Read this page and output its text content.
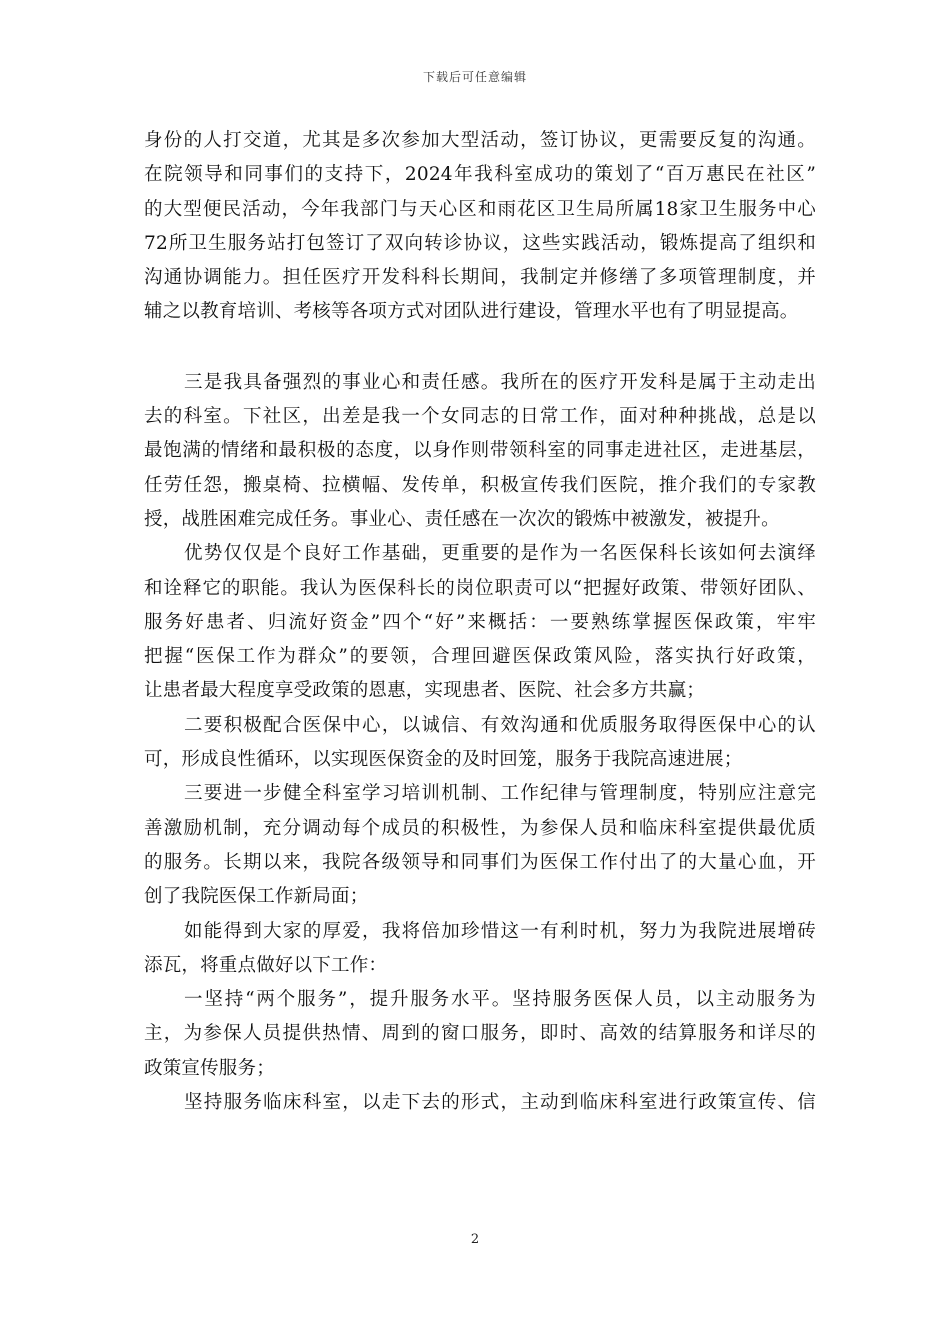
下载后可任意编辑
身份的人打交道，尤其是多次参加大型活动，签订协议，更需要反复的沟通。
在院领导和同事们的支持下，2024年我科室成功的策划了“百万惠民在社区”
的大型便民活动，今年我部门与天心区和雨花区卫生局所属18家卫生服务中心
72所卫生服务站打包签订了双向转诊协议，这些实践活动，锻炼提高了组织和
沟通协调能力。担任医疗开发科科长期间，我制定并修缮了多项管理制度，并
辅之以教育培训、考核等各项方式对团队进行建设，管理水平也有了明显提高。
三是我具备强烈的事业心和责任感。我所在的医疗开发科是属于主动走出
去的科室。下社区，出差是我一个女同志的日常工作，面对种种挑战，总是以
最饱满的情绪和最积极的态度，以身作则带领科室的同事走进社区，走进基层，
任劳任怨，搬桌椅、拉横幅、发传单，积极宣传我们医院，推介我们的专家教
授，战胜困难完成任务。事业心、责任感在一次次的锻炼中被激发，被提升。
优势仅仅是个良好工作基础，更重要的是作为一名医保科长该如何去演绎
和诠释它的职能。我认为医保科长的岗位职责可以“把握好政策、带领好团队、
服务好患者、归流好资金”四个“好”来概括：一要熟练掌握医保政策，牢牢
把握“医保工作为群众”的要领，合理回避医保政策风险，落实执行好政策，
让患者最大程度享受政策的恩惠，实现患者、医院、社会多方共赢；
二要积极配合医保中心，以诚信、有效沟通和优质服务取得医保中心的认
可，形成良性循环，以实现医保资金的及时回笼，服务于我院高速进展；
三要进一步健全科室学习培训机制、工作纪律与管理制度，特别应注意完
善激励机制，充分调动每个成员的积极性，为参保人员和临床科室提供最优质
的服务。长期以来，我院各级领导和同事们为医保工作付出了的大量心血，开
创了我院医保工作新局面；
如能得到大家的厚爱，我将倍加珍惜这一有利时机，努力为我院进展增砖
添瓦，将重点做好以下工作：
一坚持“两个服务”，提升服务水平。坚持服务医保人员，以主动服务为
主，为参保人员提供热情、周到的窗口服务，即时、高效的结算服务和详尽的
政策宣传服务；
坚持服务临床科室，以走下去的形式，主动到临床科室进行政策宣传、信
2
